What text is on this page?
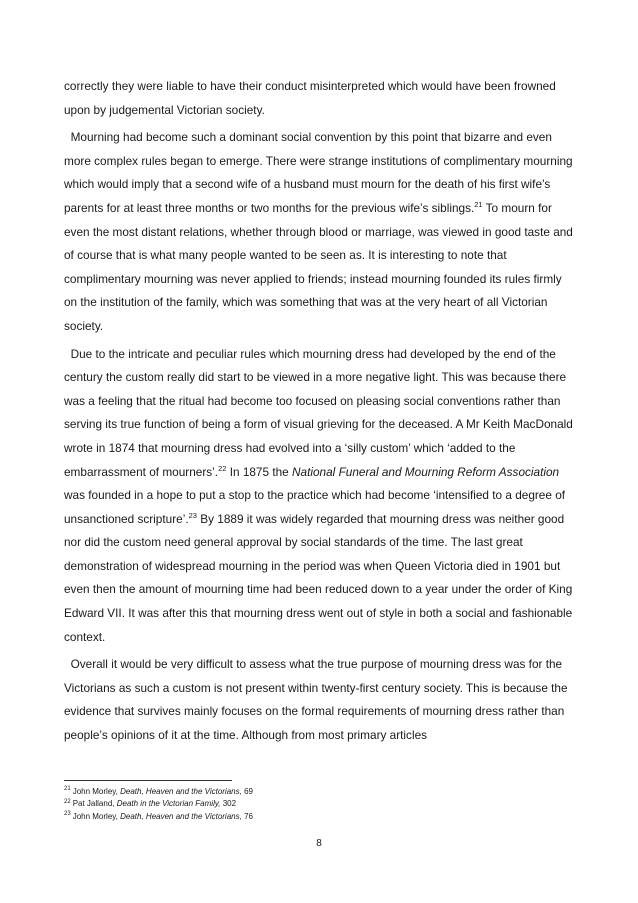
correctly they were liable to have their conduct misinterpreted which would have been frowned upon by judgemental Victorian society.

Mourning had become such a dominant social convention by this point that bizarre and even more complex rules began to emerge. There were strange institutions of complimentary mourning which would imply that a second wife of a husband must mourn for the death of his first wife’s parents for at least three months or two months for the previous wife’s siblings.$^{21}$ To mourn for even the most distant relations, whether through blood or marriage, was viewed in good taste and of course that is what many people wanted to be seen as. It is interesting to note that complimentary mourning was never applied to friends; instead mourning founded its rules firmly on the institution of the family, which was something that was at the very heart of all Victorian society.

Due to the intricate and peculiar rules which mourning dress had developed by the end of the century the custom really did start to be viewed in a more negative light. This was because there was a feeling that the ritual had become too focused on pleasing social conventions rather than serving its true function of being a form of visual grieving for the deceased. A Mr Keith MacDonald wrote in 1874 that mourning dress had evolved into a ‘silly custom’ which ‘added to the embarrassment of mourners’.$^{22}$ In 1875 the National Funeral and Mourning Reform Association was founded in a hope to put a stop to the practice which had become ‘intensified to a degree of unsanctioned scripture’.$^{23}$ By 1889 it was widely regarded that mourning dress was neither good nor did the custom need general approval by social standards of the time. The last great demonstration of widespread mourning in the period was when Queen Victoria died in 1901 but even then the amount of mourning time had been reduced down to a year under the order of King Edward VII. It was after this that mourning dress went out of style in both a social and fashionable context.

Overall it would be very difficult to assess what the true purpose of mourning dress was for the Victorians as such a custom is not present within twenty-first century society. This is because the evidence that survives mainly focuses on the formal requirements of mourning dress rather than people’s opinions of it at the time. Although from most primary articles

$^{21}$ John Morley, Death, Heaven and the Victorians, 69

$^{22}$ Pat Jalland, Death in the Victorian Family, 302

$^{23}$ John Morley, Death, Heaven and the Victorians, 76

8
